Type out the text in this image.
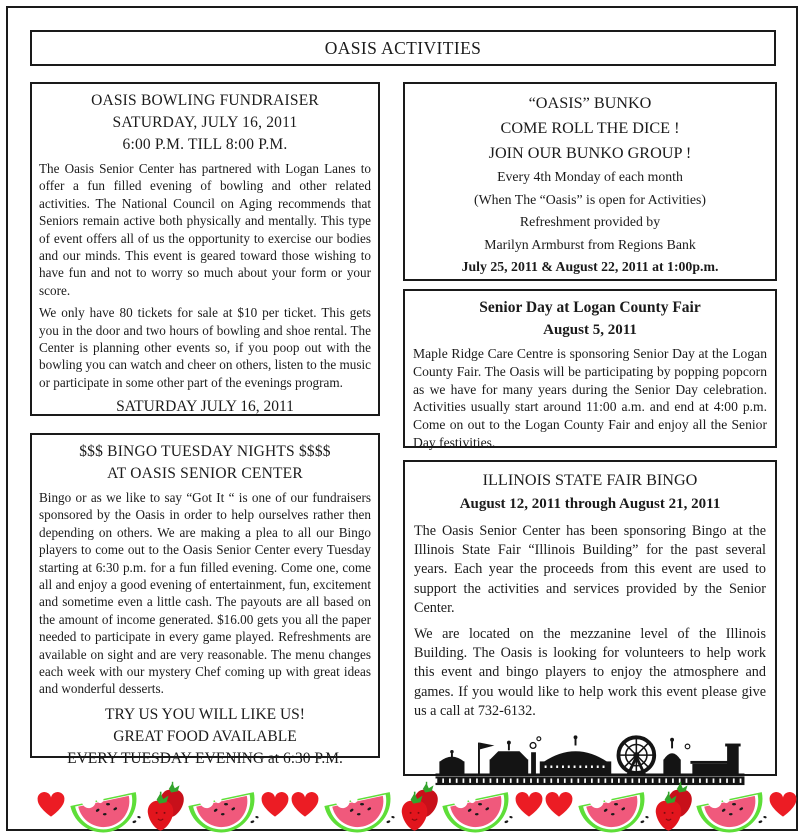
OASIS ACTIVITIES
OASIS BOWLING FUNDRAISER
SATURDAY, JULY 16, 2011
6:00 P.M. TILL 8:00 P.M.

The Oasis Senior Center has partnered with Logan Lanes to offer a fun filled evening of bowling and other related activities. The National Council on Aging recommends that Seniors remain active both physically and mentally. This type of event offers all of us the opportunity to exercise our bodies and our minds. This event is geared toward those wishing to have fun and not to worry so much about your form or your score.

We only have 80 tickets for sale at $10 per ticket. This gets you in the door and two hours of bowling and shoe rental. The Center is planning other events so, if you poop out with the bowling you can watch and cheer on others, listen to the music or participate in some other part of the evenings program.

SATURDAY JULY 16, 2011
$$$ BINGO TUESDAY NIGHTS $$$$
AT OASIS SENIOR CENTER

Bingo or as we like to say “Got It “ is one of our fundraisers sponsored by the Oasis in order to help ourselves rather then depending on others. We are making a plea to all our Bingo players to come out to the Oasis Senior Center every Tuesday starting at 6:30 p.m. for a fun filled evening. Come one, come all and enjoy a good evening of entertainment, fun, excitement and sometime even a little cash. The payouts are all based on the amount of income generated. $16.00 gets you all the paper needed to participate in every game played. Refreshments are available on sight and are very reasonable. The menu changes each week with our mystery Chef coming up with great ideas and wonderful desserts.

TRY US YOU WILL LIKE US!
GREAT FOOD AVAILABLE
EVERY TUESDAY EVENING at 6:30 P.M.
“OASIS” BUNKO
COME ROLL THE DICE !
JOIN OUR BUNKO GROUP !
Every 4th Monday of each month
(When The “Oasis” is open for Activities)
Refreshment provided by
Marilyn Armburst from Regions Bank
July 25, 2011 & August 22, 2011 at 1:00p.m.
Senior Day at Logan County Fair
August 5, 2011

Maple Ridge Care Centre is sponsoring Senior Day at the Logan County Fair. The Oasis will be participating by popping popcorn as we have for many years during the Senior Day celebration. Activities usually start around 11:00 a.m. and end at 4:00 p.m. Come on out to the Logan County Fair and enjoy all the Senior Day festivities.

ILLINOIS STATE FAIR BINGO
August 12, 2011 through August 21, 2011

The Oasis Senior Center has been sponsoring Bingo at the Illinois State Fair “Illinois Building” for the past several years. Each year the proceeds from this event are used to support the activities and services provided by the Senior Center.

We are located on the mezzanine level of the Illinois Building. The Oasis is looking for volunteers to help work this event and bingo players to enjoy the atmosphere and games. If you would like to help work this event please give us a call at 732-6132.
